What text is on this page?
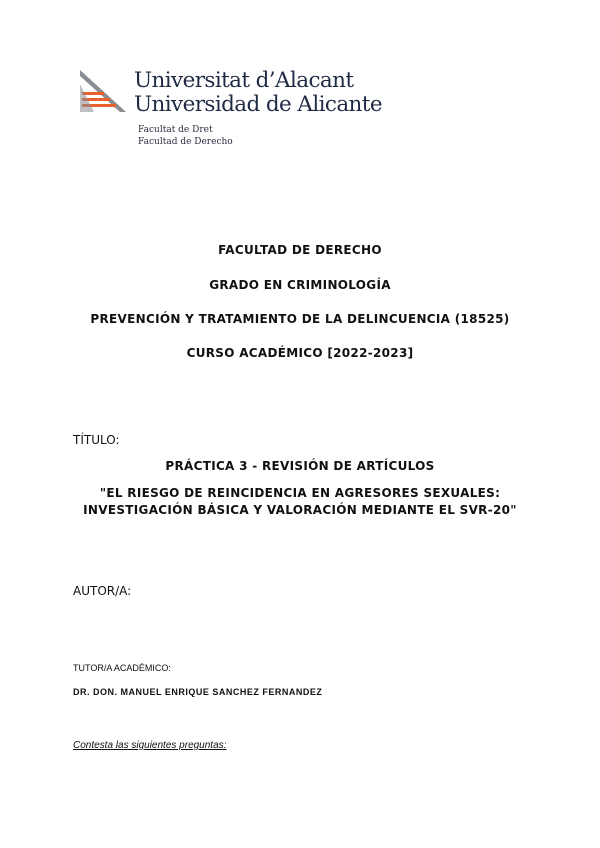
Universitat d’Alacant
Universidad de Alicante
Facultat de Dret
Facultad de Derecho
FACULTAD DE DERECHO
GRADO EN CRIMINOLOGÍA
PREVENCIÓN Y TRATAMIENTO DE LA DELINCUENCIA (18525)
CURSO ACADÉMICO [2022-2023]
TÍTULO:
PRÁCTICA 3 - REVISIÓN DE ARTÍCULOS
"EL RIESGO DE REINCIDENCIA EN AGRESORES SEXUALES:
INVESTIGACIÓN BÁSICA Y VALORACIÓN MEDIANTE EL SVR-20"
AUTOR/A:
TUTOR/A ACADÉMICO:
DR. DON. MANUEL ENRIQUE SANCHEZ FERNANDEZ
Contesta las siguientes preguntas:
